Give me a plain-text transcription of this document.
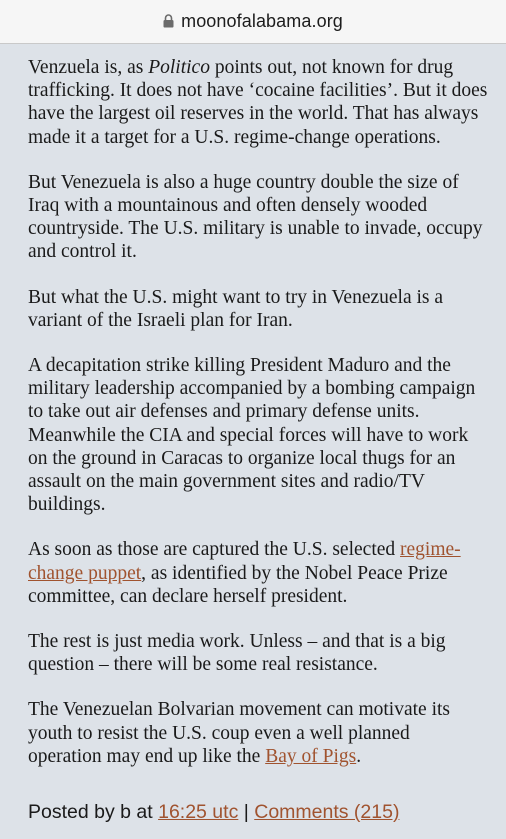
moonofalabama.org

Venzuela is, as Politico points out, not known for drug trafficking. It does not have ‘cocaine facilities’. But it does have the largest oil reserves in the world. That has always made it a target for a U.S. regime-change operations.

But Venezuela is also a huge country double the size of Iraq with a mountainous and often densely wooded countryside. The U.S. military is unable to invade, occupy and control it.

But what the U.S. might want to try in Venezuela is a variant of the Israeli plan for Iran.

A decapitation strike killing President Maduro and the military leadership accompanied by a bombing campaign to take out air defenses and primary defense units. Meanwhile the CIA and special forces will have to work on the ground in Caracas to organize local thugs for an assault on the main government sites and radio/TV buildings.

As soon as those are captured the U.S. selected regime-change puppet, as identified by the Nobel Peace Prize committee, can declare herself president.

The rest is just media work. Unless – and that is a big question – there will be some real resistance.

The Venezuelan Bolvarian movement can motivate its youth to resist the U.S. coup even a well planned operation may end up like the Bay of Pigs.

Posted by b at 16:25 utc | Comments (215)
